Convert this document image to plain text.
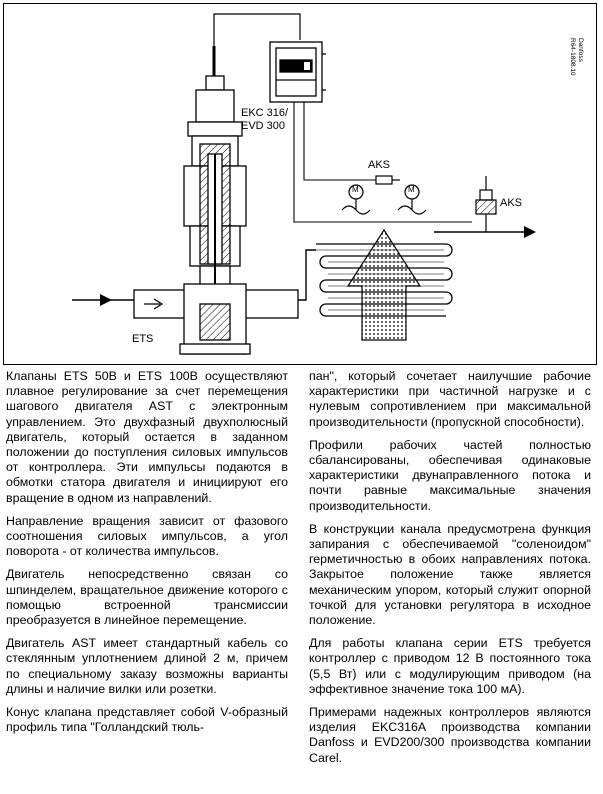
EKC 316/
EVD 300
AKS
AKS
ETS
M	M
Danfoss
R64-1808.10

Клапаны ETS 50B и ETS 100B осуществляют плавное регулирование за счет перемещения шагового двигателя AST с электронным управлением. Это двухфазный двухполюсный двигатель, который остается в заданном положении до поступления силовых импульсов от контроллера. Эти импульсы подаются в обмотки статора двигателя и инициируют его вращение в одном из направлений.

Направление вращения зависит от фазового соотношения силовых импульсов, а угол поворота - от количества импульсов.

Двигатель непосредственно связан со шпинделем, вращательное движение которого с помощью встроенной трансмиссии преобразуется в линейное перемещение.

Двигатель AST имеет стандартный кабель со стеклянным уплотнением длиной 2 м, причем по специальному заказу возможны варианты длины и наличие вилки или розетки.

Конус клапана представляет собой V-образный профиль типа "Голландский тюль-

пан", который сочетает наилучшие рабочие характеристики при частичной нагрузке и с нулевым сопротивлением при максимальной производительности (пропускной способности).

Профили рабочих частей полностью сбалансированы, обеспечивая одинаковые характеристики двунаправленного потока и почти равные максимальные значения производительности.

В конструкции канала предусмотрена функция запирания с обеспечиваемой "соленоидом" герметичностью в обоих направлениях потока. Закрытое положение также является механическим упором, который служит опорной точкой для установки регулятора в исходное положение.

Для работы клапана серии ETS требуется контроллер с приводом 12 В постоянного тока (5,5 Вт) или с модулирующим приводом (на эффективное значение тока 100 мА).

Примерами надежных контроллеров являются изделия EKC316A производства компании Danfoss и EVD200/300 производства компании Carel.
